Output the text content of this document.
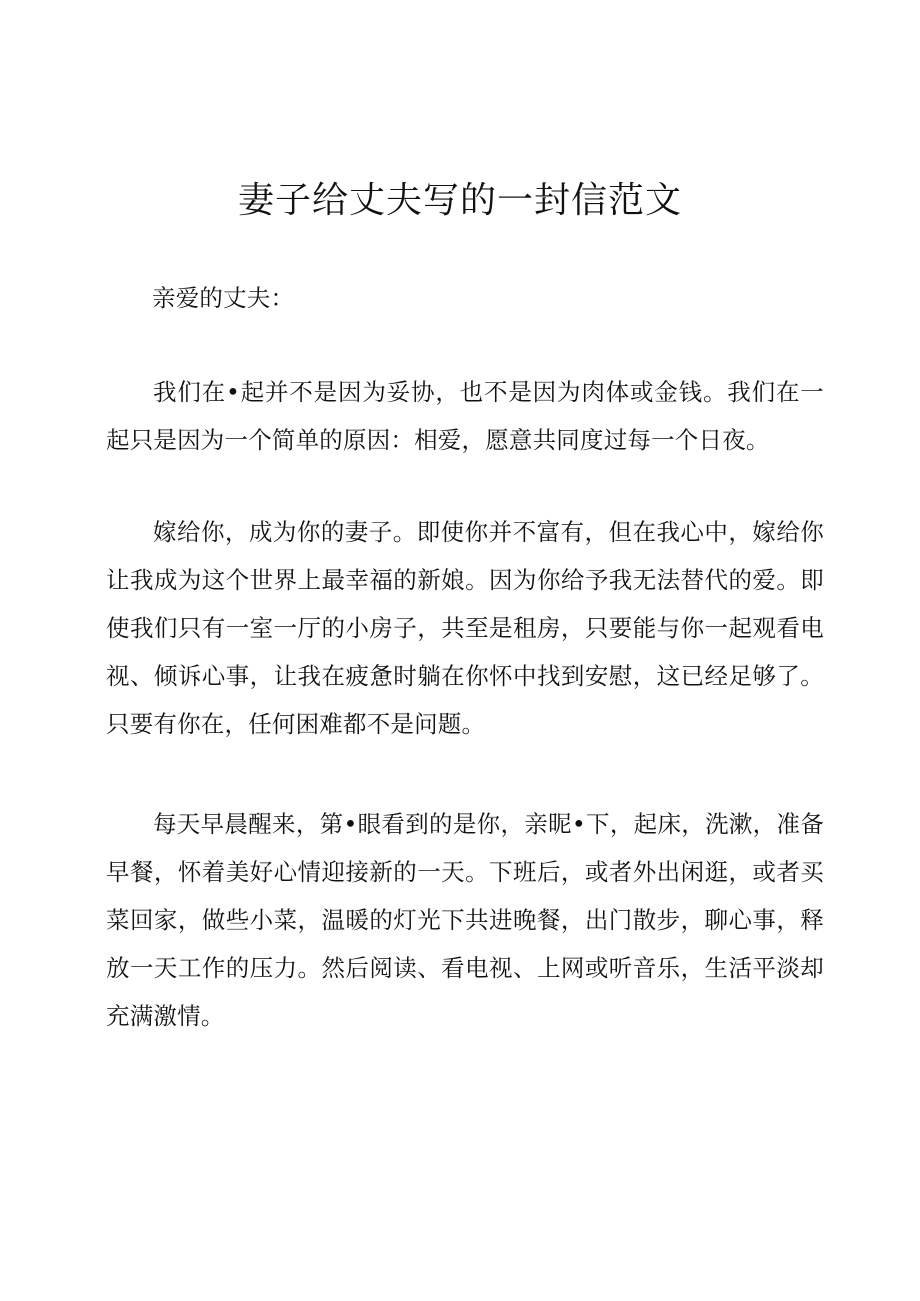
妻子给丈夫写的一封信范文

亲爱的丈夫：

我们在•起并不是因为妥协，也不是因为肉体或金钱。我们在一起只是因为一个简单的原因：相爱，愿意共同度过每一个日夜。

嫁给你，成为你的妻子。即使你并不富有，但在我心中，嫁给你让我成为这个世界上最幸福的新娘。因为你给予我无法替代的爱。即使我们只有一室一厅的小房子，共至是租房，只要能与你一起观看电视、倾诉心事，让我在疲惫时躺在你怀中找到安慰，这已经足够了。只要有你在，任何困难都不是问题。

每天早晨醒来，第•眼看到的是你，亲昵•下，起床，洗漱，准备早餐，怀着美好心情迎接新的一天。下班后，或者外出闲逛，或者买菜回家，做些小菜，温暖的灯光下共进晚餐，出门散步，聊心事，释放一天工作的压力。然后阅读、看电视、上网或听音乐，生活平淡却充满激情。
